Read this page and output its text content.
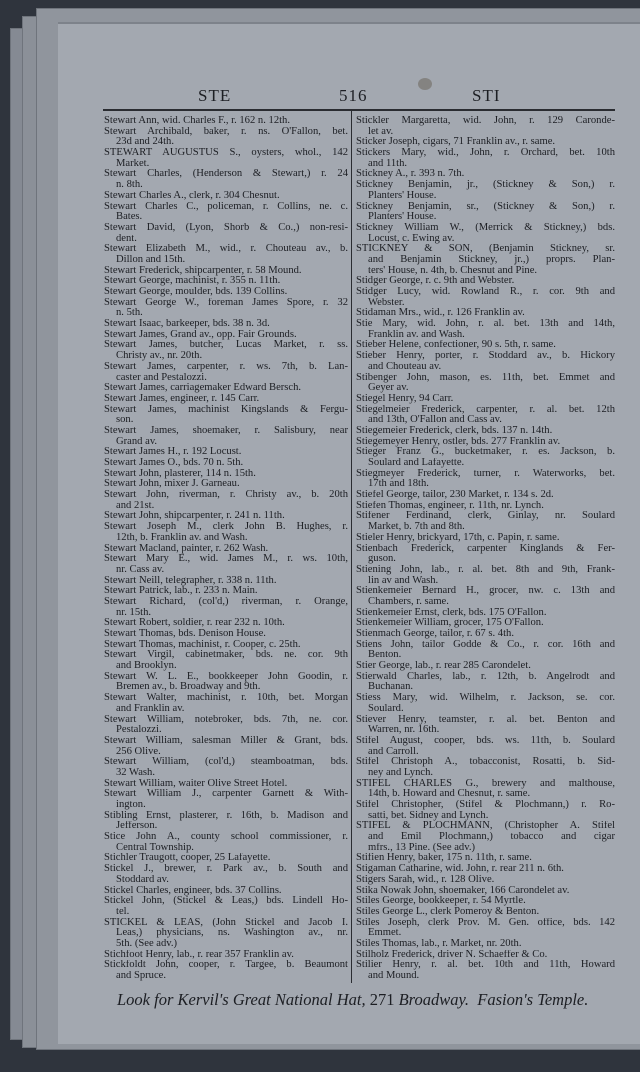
STE	516	STI
Stewart Ann, wid. Charles F., r. 162 n. 12th.
Stewart Archibald, baker, r. ns. O'Fallon, bet.
23d and 24th.
STEWART AUGUSTUS S., oysters, whol., 142
Market.
Stewart Charles, (Henderson & Stewart,) r. 24
n. 8th.
Stewart Charles A., clerk, r. 304 Chesnut.
Stewart Charles C., policeman, r. Collins, ne. c.
Bates.
Stewart David, (Lyon, Shorb & Co.,) non-resi-
dent.
Stewart Elizabeth M., wid., r. Chouteau av., b.
Dillon and 15th.
Stewart Frederick, shipcarpenter, r. 58 Mound.
Stewart George, machinist, r. 355 n. 11th.
Stewart George, moulder, bds. 139 Collins.
Stewart George W., foreman James Spore, r. 32
n. 5th.
Stewart Isaac, barkeeper, bds. 38 n. 3d.
Stewart James, Grand av., opp. Fair Grounds.
Stewart James, butcher, Lucas Market, r. ss.
Christy av., nr. 20th.
Stewart James, carpenter, r. ws. 7th, b. Lan-
caster and Pestalozzi.
Stewart James, carriagemaker Edward Bersch.
Stewart James, engineer, r. 145 Carr.
Stewart James, machinist Kingslands & Fergu-
son.
Stewart James, shoemaker, r. Salisbury, near
Grand av.
Stewart James H., r. 192 Locust.
Stewart James O., bds. 70 n. 5th.
Stewart John, plasterer, 114 n. 15th.
Stewart John, mixer J. Garneau.
Stewart John, riverman, r. Christy av., b. 20th
and 21st.
Stewart John, shipcarpenter, r. 241 n. 11th.
Stewart Joseph M., clerk John B. Hughes, r.
12th, b. Franklin av. and Wash.
Stewart Macland, painter, r. 262 Wash.
Stewart Mary E., wid. James M., r. ws. 10th,
nr. Cass av.
Stewart Neill, telegrapher, r. 338 n. 11th.
Stewart Patrick, lab., r. 233 n. Main.
Stewart Richard, (col'd,) riverman, r. Orange,
nr. 15th.
Stewart Robert, soldier, r. rear 232 n. 10th.
Stewart Thomas, bds. Denison House.
Stewart Thomas, machinist, r. Cooper, c. 25th.
Stewart Virgil, cabinetmaker, bds. ne. cor. 9th
and Brooklyn.
Stewart W. L. E., bookkeeper John Goodin, r.
Bremen av., b. Broadway and 9th.
Stewart Walter, machinist, r. 10th, bet. Morgan
and Franklin av.
Stewart William, notebroker, bds. 7th, ne. cor.
Pestalozzi.
Stewart William, salesman Miller & Grant, bds.
256 Olive.
Stewart William, (col'd,) steamboatman, bds.
32 Wash.
Stewart William, waiter Olive Street Hotel.
Stewart William J., carpenter Garnett & With-
ington.
Stibling Ernst, plasterer, r. 16th, b. Madison and
Jefferson.
Stice John A., county school commissioner, r.
Central Township.
Stichler Traugott, cooper, 25 Lafayette.
Stickel J., brewer, r. Park av., b. South and
Stoddard av.
Stickel Charles, engineer, bds. 37 Collins.
Stickel John, (Stickel & Leas,) bds. Lindell Ho-
tel.
STICKEL & LEAS, (John Stickel and Jacob I.
Leas,) physicians, ns. Washington av., nr.
5th. (See adv.)
Stichfoot Henry, lab., r. rear 357 Franklin av.
Stickfoldt John, cooper, r. Targee, b. Beaumont
and Spruce.
Stickler Margaretta, wid. John, r. 129 Caronde-
let av.
Sticker Joseph, cigars, 71 Franklin av., r. same.
Stickers Mary, wid., John, r. Orchard, bet. 10th
and 11th.
Stickney A., r. 393 n. 7th.
Stickney Benjamin, jr., (Stickney & Son,) r.
Planters' House.
Stickney Benjamin, sr., (Stickney & Son,) r.
Planters' House.
Stickney William W., (Merrick & Stickney,) bds.
Locust, c. Ewing av.
STICKNEY & SON, (Benjamin Stickney, sr.
and Benjamin Stickney, jr.,) proprs. Plan-
ters' House, n. 4th, b. Chesnut and Pine.
Stidger George, r. c. 9th and Webster.
Stidger Lucy, wid. Rowland R., r. cor. 9th and
Webster.
Stidaman Mrs., wid., r. 126 Franklin av.
Stie Mary, wid. John, r. al. bet. 13th and 14th,
Franklin av. and Wash.
Stieber Helene, confectioner, 90 s. 5th, r. same.
Stieber Henry, porter, r. Stoddard av., b. Hickory
and Chouteau av.
Stibenger John, mason, es. 11th, bet. Emmet and
Geyer av.
Stiegel Henry, 94 Carr.
Stiegelmeier Frederick, carpenter, r. al. bet. 12th
and 13th, O'Fallon and Cass av.
Stiegemeier Frederick, clerk, bds. 137 n. 14th.
Stiegemeyer Henry, ostler, bds. 277 Franklin av.
Stieger Franz G., bucketmaker, r. es. Jackson, b.
Soulard and Lafayette.
Stiegmeyer Frederick, turner, r. Waterworks, bet.
17th and 18th.
Stiefel George, tailor, 230 Market, r. 134 s. 2d.
Stiefen Thomas, engineer, r. 11th, nr. Lynch.
Stifener Ferdinand, clerk, Ginlay, nr. Soulard
Market, b. 7th and 8th.
Stieler Henry, brickyard, 17th, c. Papin, r. same.
Stienbach Frederick, carpenter Kinglands & Fer-
guson.
Stiening John, lab., r. al. bet. 8th and 9th, Frank-
lin av and Wash.
Stienkemeier Bernard H., grocer, nw. c. 13th and
Chambers, r. same.
Stienkemeier Ernst, clerk, bds. 175 O'Fallon.
Stienkemeier William, grocer, 175 O'Fallon.
Stienmach George, tailor, r. 67 s. 4th.
Stiens John, tailor Godde & Co., r. cor. 16th and
Benton.
Stier George, lab., r. rear 285 Carondelet.
Stierwald Charles, lab., r. 12th, b. Angelrodt and
Buchanan.
Stiess Mary, wid. Wilhelm, r. Jackson, se. cor.
Soulard.
Stiever Henry, teamster, r. al. bet. Benton and
Warren, nr. 16th.
Stifel August, cooper, bds. ws. 11th, b. Soulard
and Carroll.
Stifel Christoph A., tobacconist, Rosatti, b. Sid-
ney and Lynch.
STIFEL CHARLES G., brewery and malthouse,
14th, b. Howard and Chesnut, r. same.
Stifel Christopher, (Stifel & Plochmann,) r. Ro-
satti, bet. Sidney and Lynch.
STIFEL & PLOCHMANN, (Christopher A. Stifel
and Emil Plochmann,) tobacco and cigar
mfrs., 13 Pine. (See adv.)
Stifien Henry, baker, 175 n. 11th, r. same.
Stigaman Catharine, wid. John, r. rear 211 n. 6th.
Stigers Sarah, wid., r. 128 Olive.
Stika Nowak John, shoemaker, 166 Carondelet av.
Stiles George, bookkeeper, r. 54 Myrtle.
Stiles George L., clerk Pomeroy & Benton.
Stiles Joseph, clerk Prov. M. Gen. office, bds. 142
Emmet.
Stiles Thomas, lab., r. Market, nr. 20th.
Stilholz Frederick, driver N. Schaeffer & Co.
Stilier Henry, r. al. bet. 10th and 11th, Howard
and Mound.
Look for Kervil's Great National Hat, 271 Broadway. Fasion's Temple.
